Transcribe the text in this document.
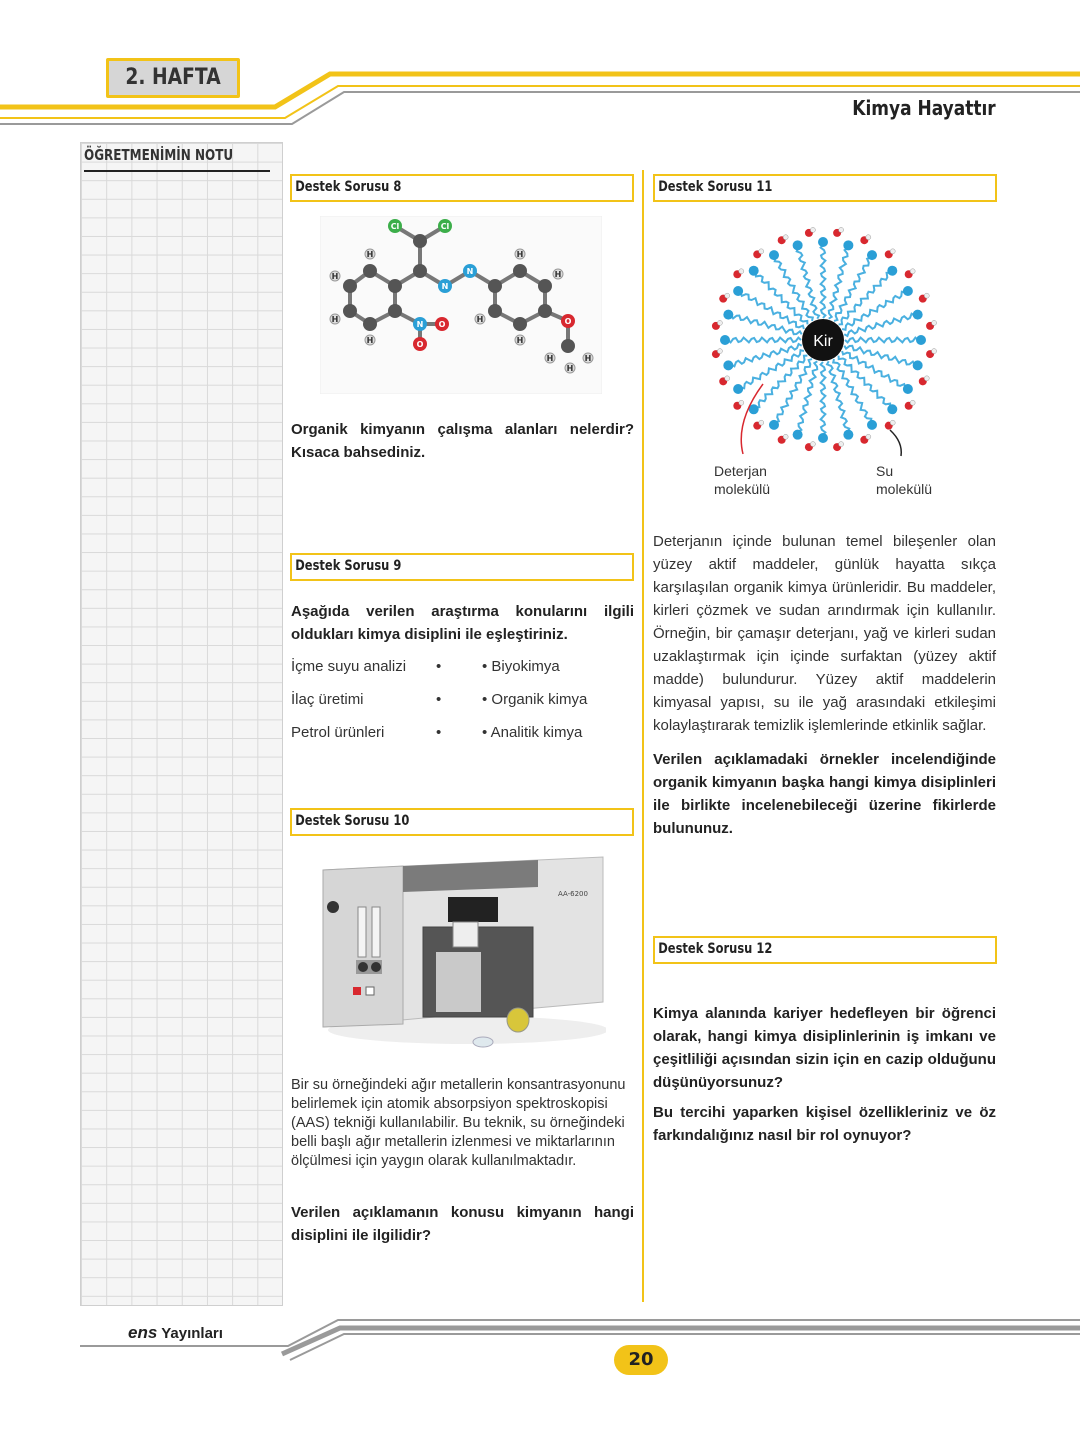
2. HAFTA
Kimya Hayattır
ÖĞRETMENİMİN NOTU
Destek Sorusu 8
Cl	Cl
N
N
N O
O
O
H
H
H
H
H
H
H
H
H	H
H
Organik kimyanın çalışma alanları nelerdir? Kısaca bahsediniz.
Destek Sorusu 9
Aşağıda verilen araştırma konularını ilgili oldukları kimya disiplini ile eşleştiriniz.
İçme suyu analizi •	• Biyokimya
İlaç üretimi	•	• Organik kimya
Petrol ürünleri	•	• Analitik kimya
Destek Sorusu 10
AA-6200
Bir su örneğindeki ağır metallerin konsantrasyonunu belirlemek için atomik absorpsiyon spektroskopisi (AAS) tekniği kullanılabilir. Bu teknik, su örneğindeki belli başlı ağır metallerin izlenmesi ve miktarlarının ölçülmesi için yaygın olarak kullanılmaktadır.
Verilen açıklamanın konusu kimyanın hangi disiplini ile ilgilidir?
Destek Sorusu 11
Kir
Deterjan molekülü
Su molekülü
Deterjanın içinde bulunan temel bileşenler olan yüzey aktif maddeler, günlük hayatta sıkça karşılaşılan organik kimya ürünleridir. Bu maddeler, kirleri çözmek ve sudan arındırmak için kullanılır. Örneğin, bir çamaşır deterjanı, yağ ve kirleri sudan uzaklaştırmak için içinde surfaktan (yüzey aktif madde) bulundurur. Yüzey aktif maddelerin kimyasal yapısı, su ile yağ arasındaki etkileşimi kolaylaştırarak temizlik işlemlerinde etkinlik sağlar.
Verilen açıklamadaki örnekler incelendiğinde organik kimyanın başka hangi kimya disiplinleri ile birlikte incelenebileceği üzerine fikirlerde bulununuz.
Destek Sorusu 12
Kimya alanında kariyer hedefleyen bir öğrenci olarak, hangi kimya disiplinlerinin iş imkanı ve çeşitliliği açısından sizin için en cazip olduğunu düşünüyorsunuz?
Bu tercihi yaparken kişisel özellikleriniz ve öz farkındalığınız nasıl bir rol oynuyor?
ens Yayınları
20
